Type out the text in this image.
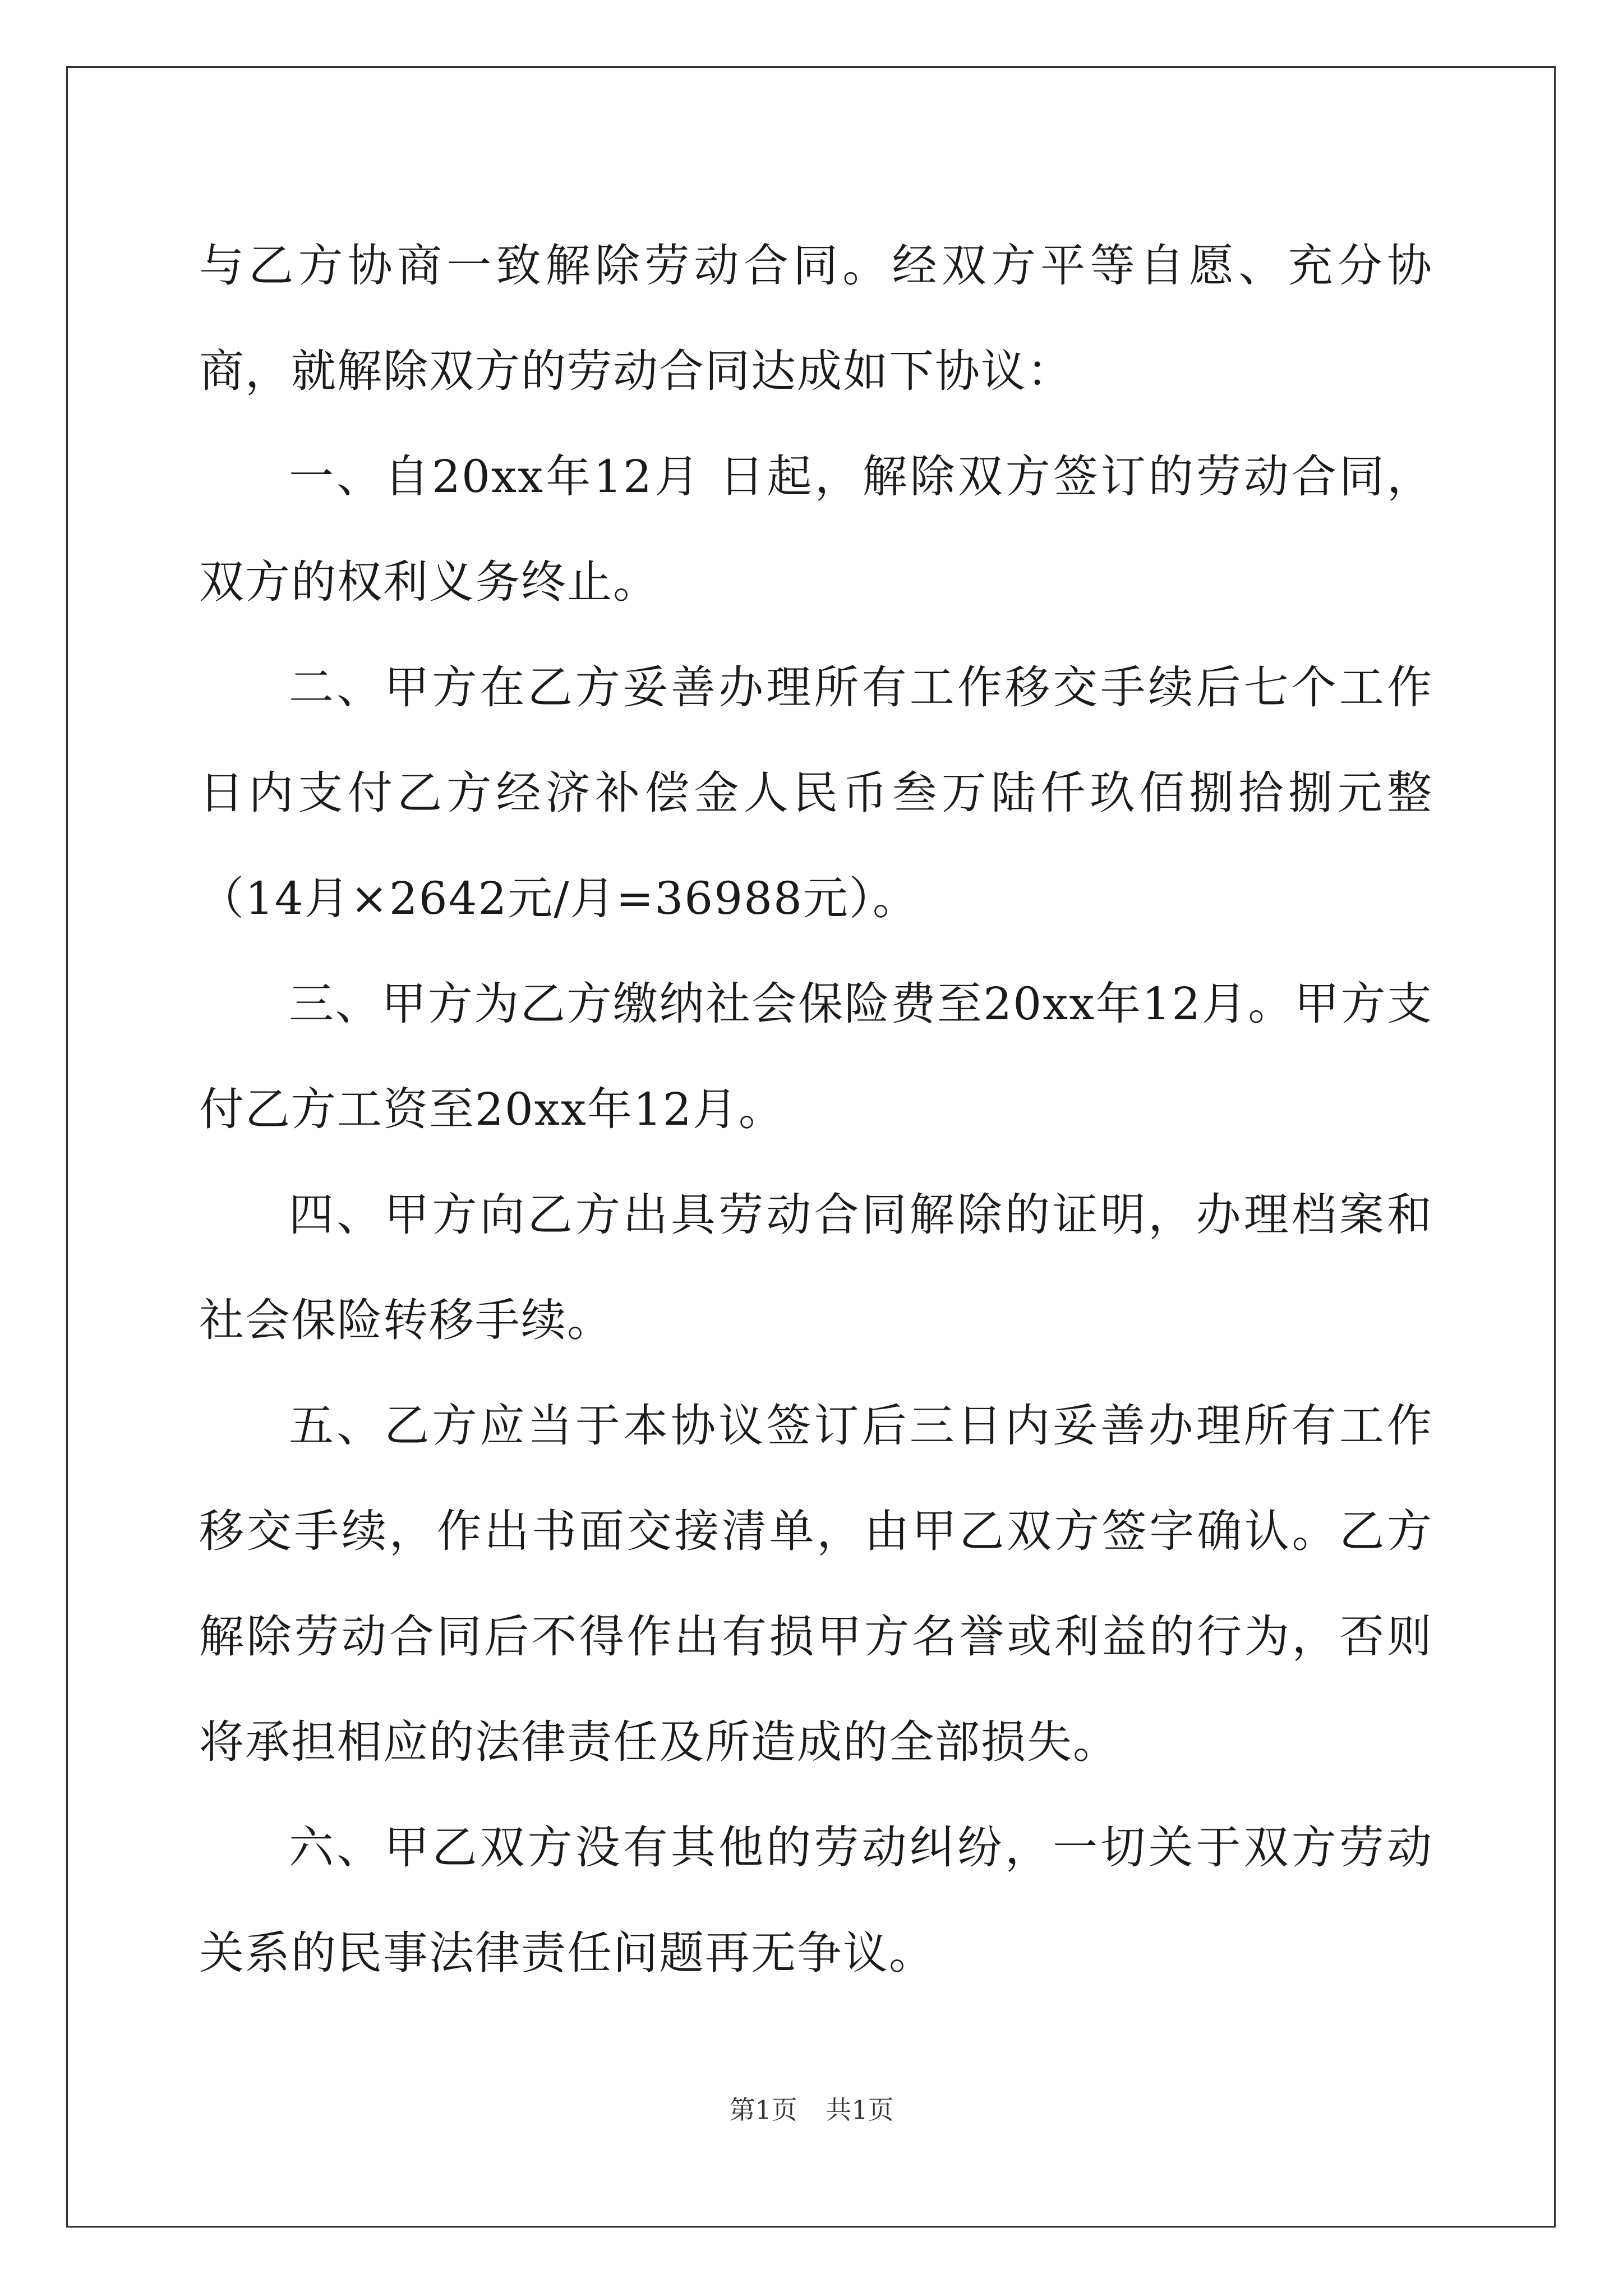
与乙方协商一致解除劳动合同。经双方平等自愿、充分协商，就解除双方的劳动合同达成如下协议：

一、自20xx年12月 日起，解除双方签订的劳动合同，双方的权利义务终止。

二、甲方在乙方妥善办理所有工作移交手续后七个工作日内支付乙方经济补偿金人民币叁万陆仟玖佰捌拾捌元整（14月×2642元/月=36988元）。

三、甲方为乙方缴纳社会保险费至20xx年12月。甲方支付乙方工资至20xx年12月。

四、甲方向乙方出具劳动合同解除的证明，办理档案和社会保险转移手续。

五、乙方应当于本协议签订后三日内妥善办理所有工作移交手续，作出书面交接清单，由甲乙双方签字确认。乙方解除劳动合同后不得作出有损甲方名誉或利益的行为，否则将承担相应的法律责任及所造成的全部损失。

六、甲乙双方没有其他的劳动纠纷，一切关于双方劳动关系的民事法律责任问题再无争议。

第1页 共1页
